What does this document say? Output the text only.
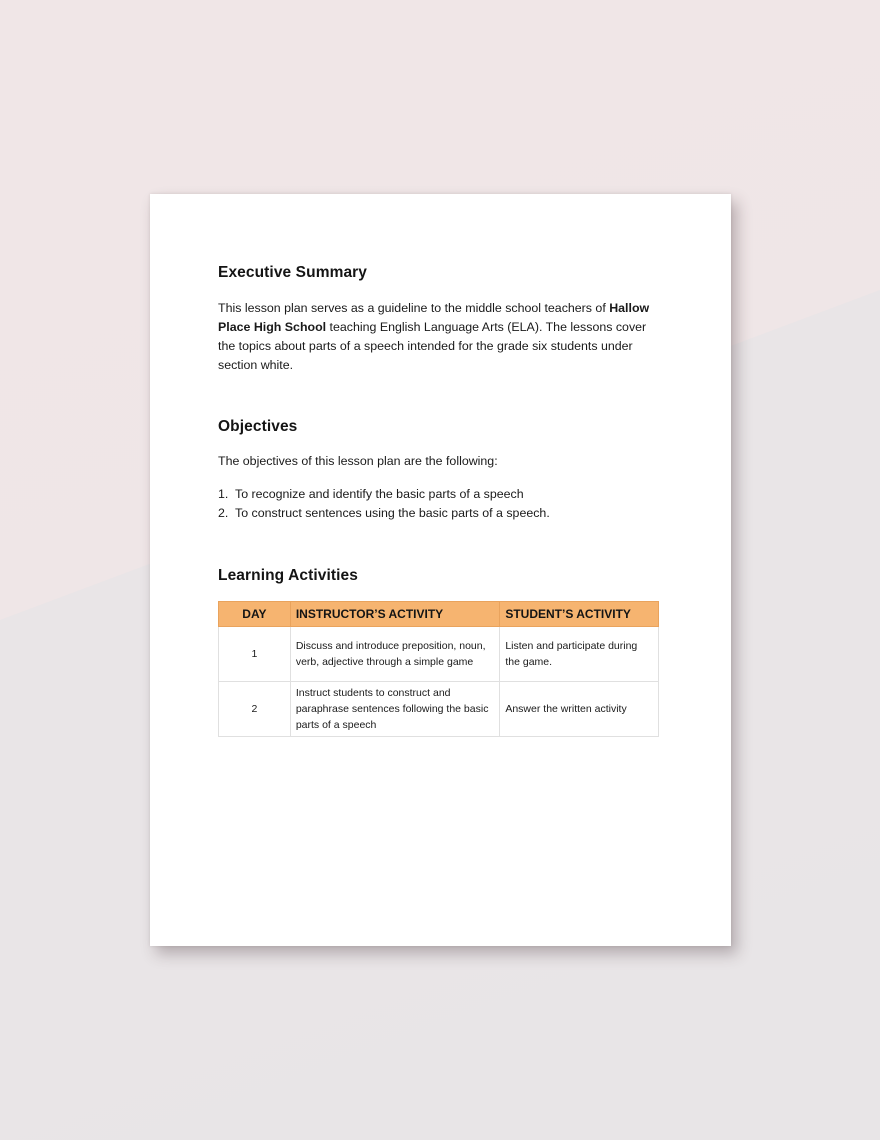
Executive Summary

This lesson plan serves as a guideline to the middle school teachers of Hallow Place High School teaching English Language Arts (ELA). The lessons cover the topics about parts of a speech intended for the grade six students under section white.

Objectives

The objectives of this lesson plan are the following:

1. To recognize and identify the basic parts of a speech
2. To construct sentences using the basic parts of a speech.
Learning Activities
DAY	INSTRUCTOR’S ACTIVITY	STUDENT’S ACTIVITY
1	Discuss and introduce preposition, noun, verb, adjective through a simple game	Listen and participate during the game.
2	Instruct students to construct and paraphrase sentences following the basic parts of a speech	Answer the written activity
